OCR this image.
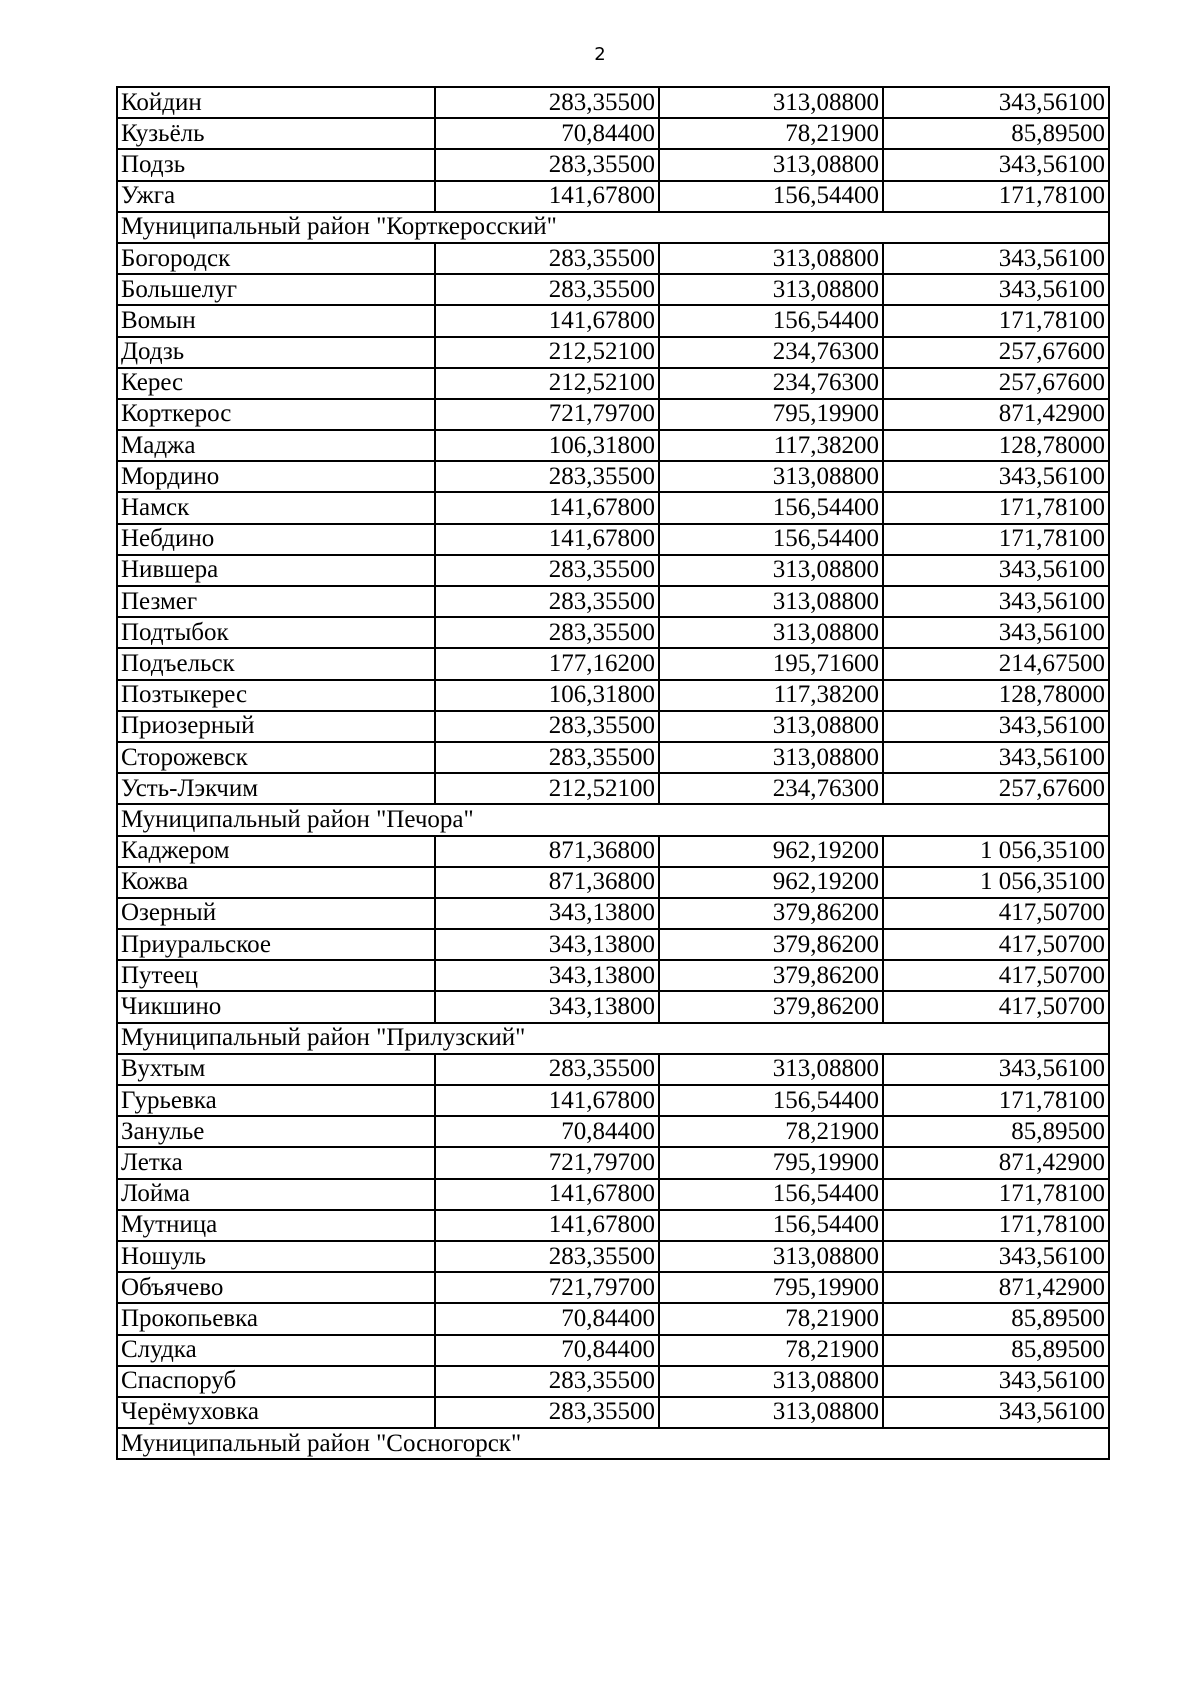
2
Койдин	283,35500	313,08800	343,56100
Кузьёль	70,84400	78,21900	85,89500
Подзь	283,35500	313,08800	343,56100
Ужга	141,67800	156,54400	171,78100
Муниципальный район "Корткеросский"			
Богородск	283,35500	313,08800	343,56100
Большелуг	283,35500	313,08800	343,56100
Вомын	141,67800	156,54400	171,78100
Додзь	212,52100	234,76300	257,67600
Керес	212,52100	234,76300	257,67600
Корткерос	721,79700	795,19900	871,42900
Маджа	106,31800	117,38200	128,78000
Мордино	283,35500	313,08800	343,56100
Намск	141,67800	156,54400	171,78100
Небдино	141,67800	156,54400	171,78100
Нившера	283,35500	313,08800	343,56100
Пезмег	283,35500	313,08800	343,56100
Подтыбок	283,35500	313,08800	343,56100
Подъельск	177,16200	195,71600	214,67500
Позтыкерес	106,31800	117,38200	128,78000
Приозерный	283,35500	313,08800	343,56100
Сторожевск	283,35500	313,08800	343,56100
Усть-Лэкчим	212,52100	234,76300	257,67600
Муниципальный район "Печора"			
Каджером	871,36800	962,19200	1 056,35100
Кожва	871,36800	962,19200	1 056,35100
Озерный	343,13800	379,86200	417,50700
Приуральское	343,13800	379,86200	417,50700
Путеец	343,13800	379,86200	417,50700
Чикшино	343,13800	379,86200	417,50700
Муниципальный район "Прилузский"			
Вухтым	283,35500	313,08800	343,56100
Гурьевка	141,67800	156,54400	171,78100
Занулье	70,84400	78,21900	85,89500
Летка	721,79700	795,19900	871,42900
Лойма	141,67800	156,54400	171,78100
Мутница	141,67800	156,54400	171,78100
Ношуль	283,35500	313,08800	343,56100
Объячево	721,79700	795,19900	871,42900
Прокопьевка	70,84400	78,21900	85,89500
Слудка	70,84400	78,21900	85,89500
Спаспоруб	283,35500	313,08800	343,56100
Черёмуховка	283,35500	313,08800	343,56100
Муниципальный район "Сосногорск"			
